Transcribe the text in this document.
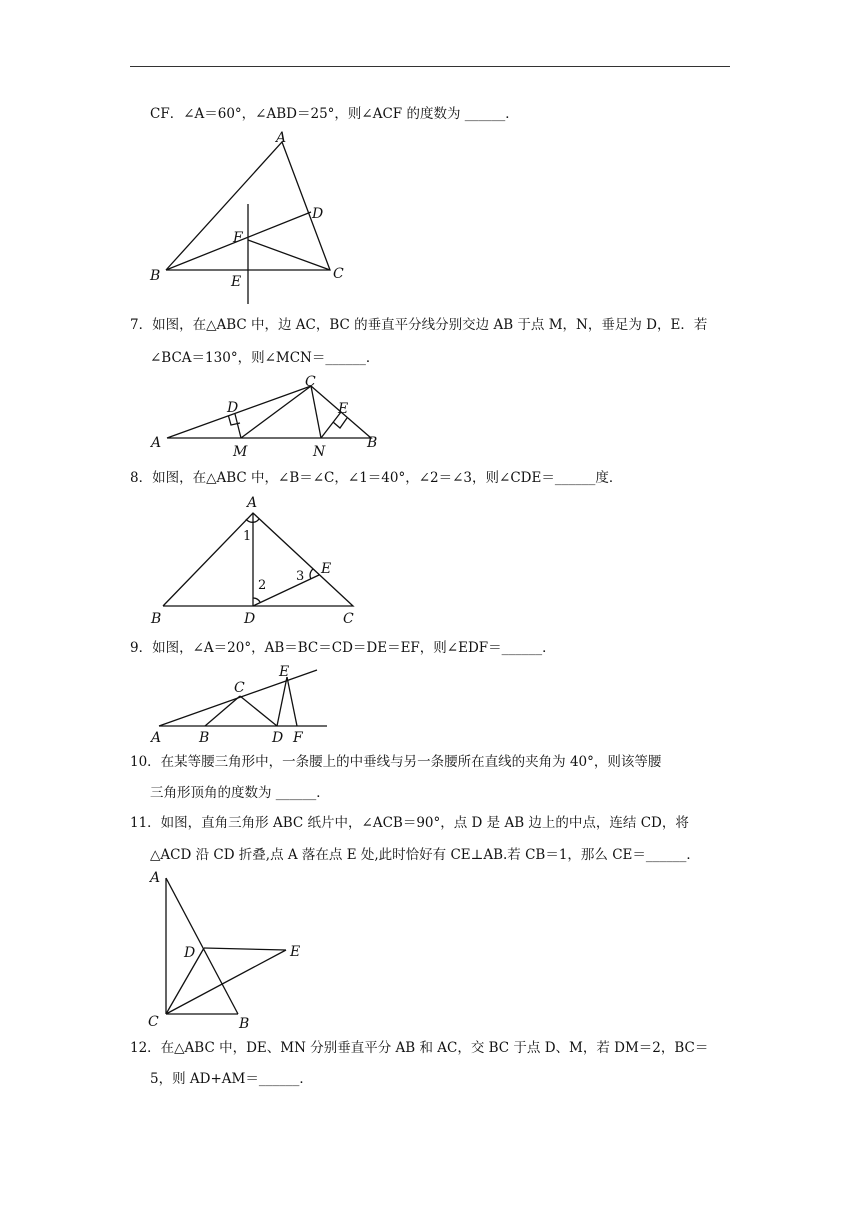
CF．∠A＝60°，∠ABD＝25°，则∠ACF 的度数为 ______．
A
B	C
D
E
F
7．如图，在△ABC 中，边 AC，BC 的垂直平分线分别交边 AB 于点 M，N，垂足为 D，E．若
∠BCA＝130°，则∠MCN＝______．
A	B
C
D	E
M	N
8．如图，在△ABC 中，∠B＝∠C，∠1＝40°，∠2＝∠3，则∠CDE＝______度．
A
B	C
D
E
1
2
3
9．如图，∠A＝20°，AB＝BC＝CD＝DE＝EF，则∠EDF＝______．
A	B
C
D
E
F
10．在某等腰三角形中，一条腰上的中垂线与另一条腰所在直线的夹角为 40°，则该等腰
三角形顶角的度数为 ______．
11．如图，直角三角形 ABC 纸片中，∠ACB＝90°，点 D 是 AB 边上的中点，连结 CD，将
△ACD 沿 CD 折叠,点 A 落在点 E 处,此时恰好有 CE⊥AB.若 CB＝1，那么 CE＝______．
A
B
C
D	E
12．在△ABC 中，DE、MN 分别垂直平分 AB 和 AC，交 BC 于点 D、M，若 DM＝2，BC＝
5，则 AD+AM＝______．
